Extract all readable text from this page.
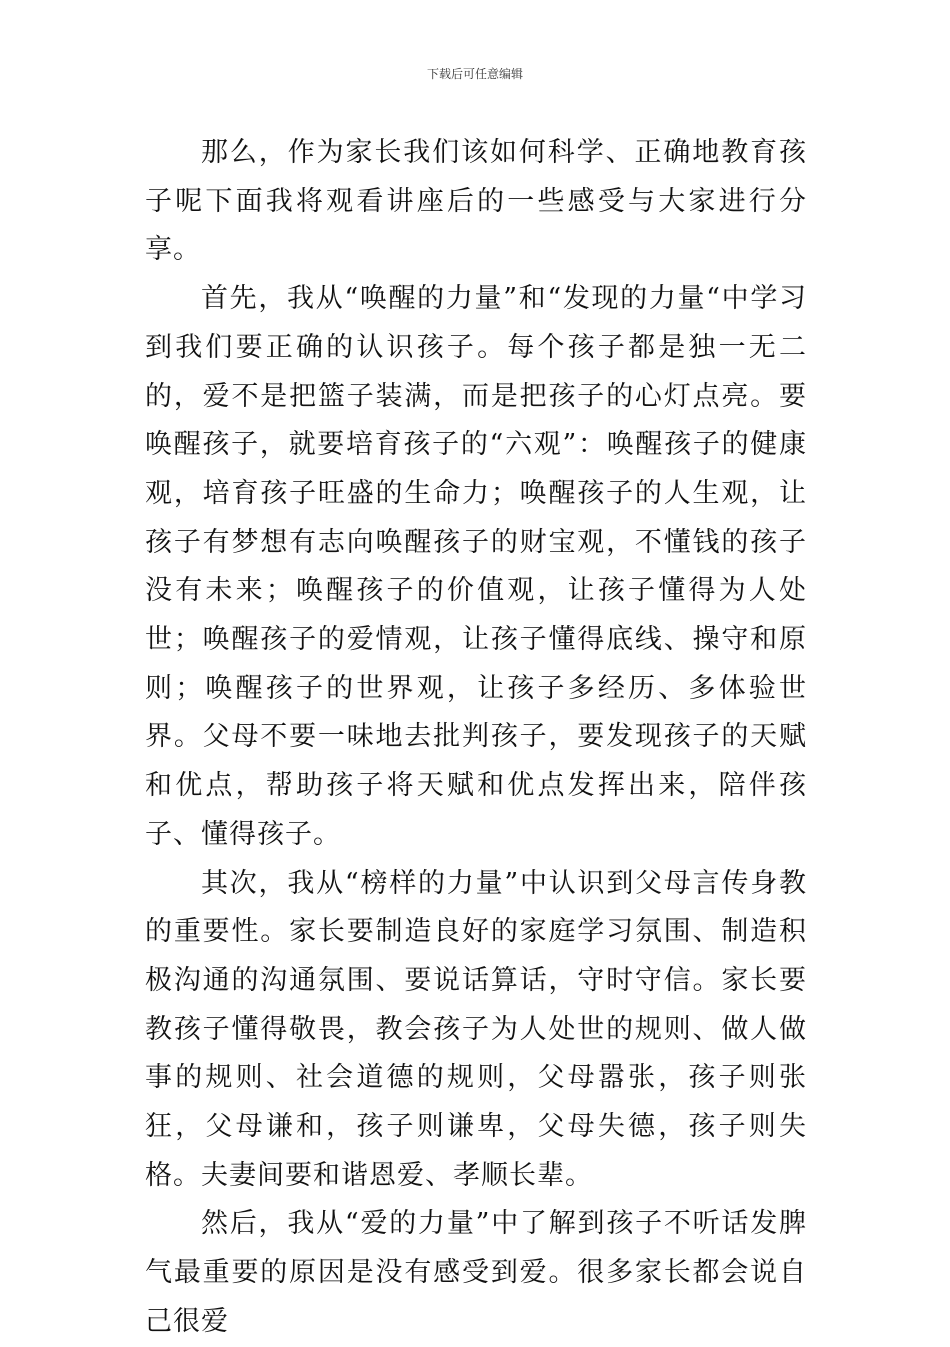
下载后可任意编辑

那么，作为家长我们该如何科学、正确地教育孩子呢下面我将观看讲座后的一些感受与大家进行分享。

首先，我从“唤醒的力量”和“发现的力量“中学习到我们要正确的认识孩子。每个孩子都是独一无二的，爱不是把篮子装满，而是把孩子的心灯点亮。要唤醒孩子，就要培育孩子的“六观”：唤醒孩子的健康观，培育孩子旺盛的生命力；唤醒孩子的人生观，让孩子有梦想有志向唤醒孩子的财宝观，不懂钱的孩子没有未来；唤醒孩子的价值观，让孩子懂得为人处世；唤醒孩子的爱情观，让孩子懂得底线、操守和原则；唤醒孩子的世界观，让孩子多经历、多体验世界。父母不要一味地去批判孩子，要发现孩子的天赋和优点，帮助孩子将天赋和优点发挥出来，陪伴孩子、懂得孩子。

其次，我从“榜样的力量”中认识到父母言传身教的重要性。家长要制造良好的家庭学习氛围、制造积极沟通的沟通氛围、要说话算话，守时守信。家长要教孩子懂得敬畏，教会孩子为人处世的规则、做人做事的规则、社会道德的规则，父母嚣张，孩子则张狂，父母谦和，孩子则谦卑，父母失德，孩子则失格。夫妻间要和谐恩爱、孝顺长辈。

然后，我从“爱的力量”中了解到孩子不听话发脾气最重要的原因是没有感受到爱。很多家长都会说自己很爱
